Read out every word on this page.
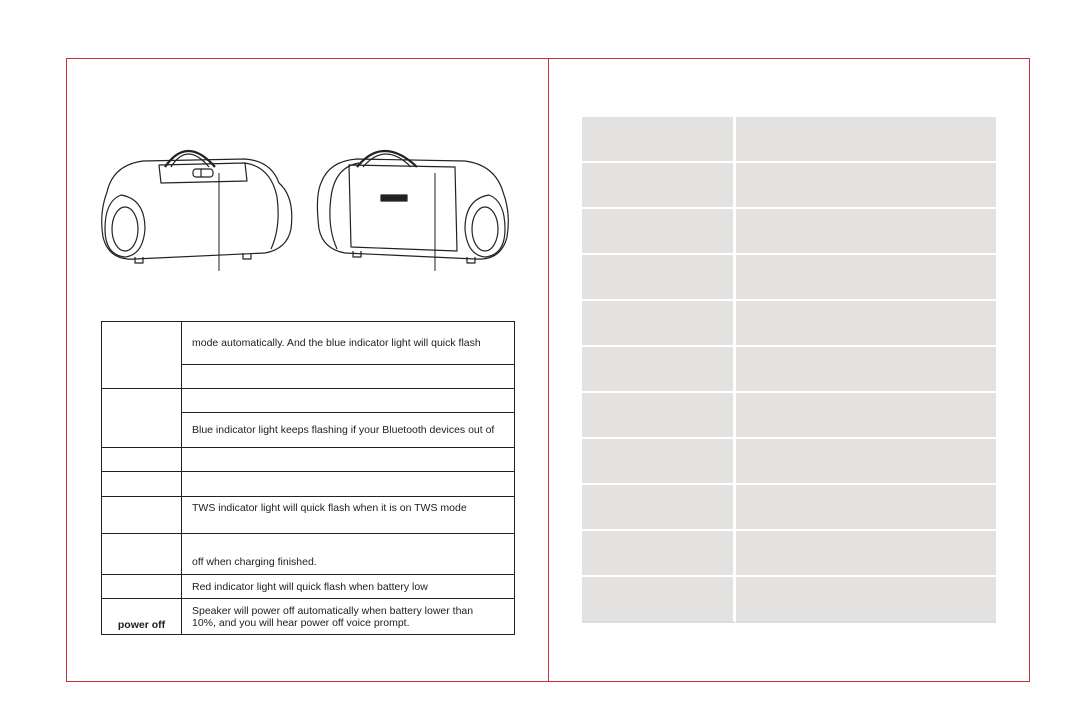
	mode automatically. And the blue indicator light will quick flash

	Blue indicator light keeps flashing if your Bluetooth devices out of

	TWS indicator light will quick flash when it is on TWS mode
	off when charging finished.
	Red indicator light will quick flash when battery low
power off	Speaker will power off automatically when battery lower than
10%, and you will hear power off voice prompt.
